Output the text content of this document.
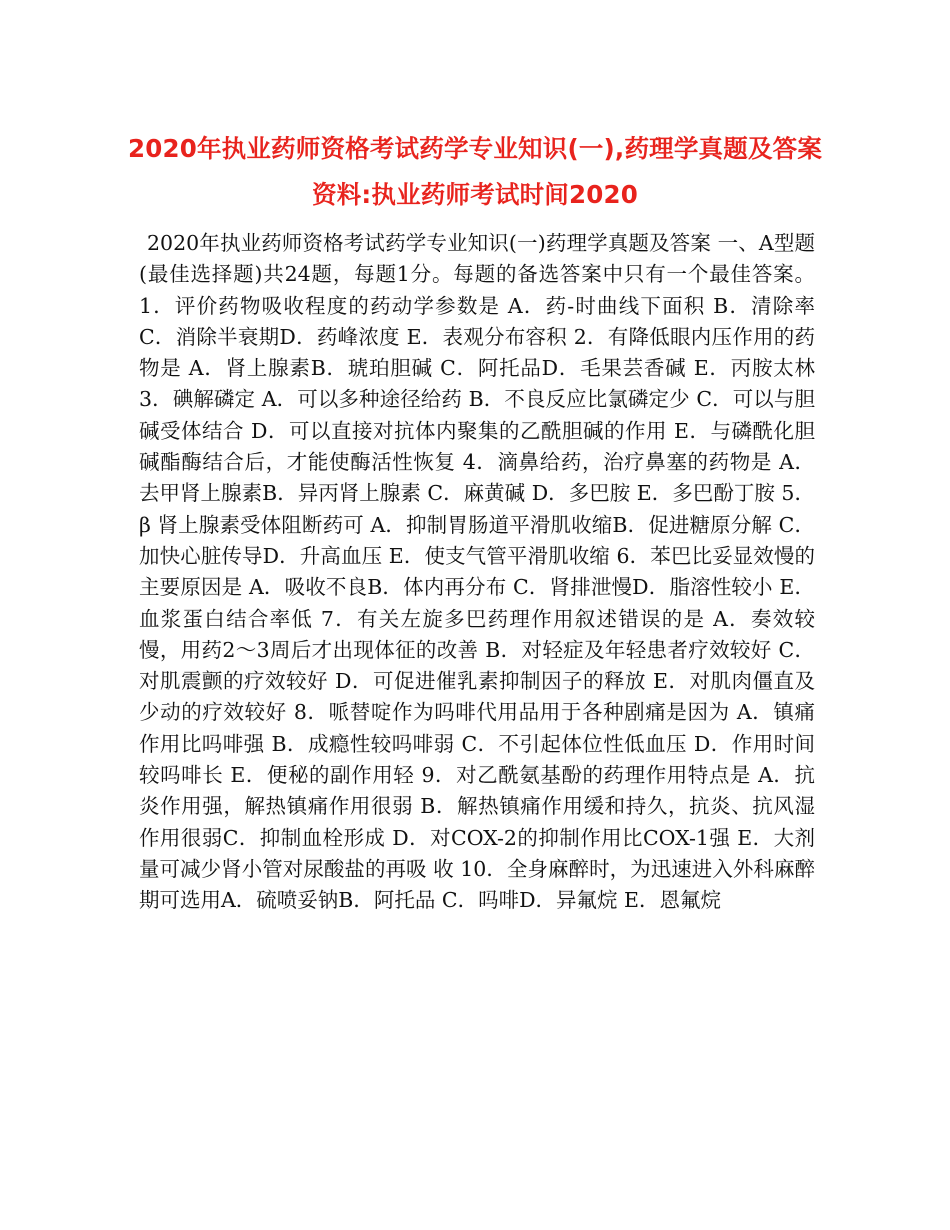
2020年执业药师资格考试药学专业知识(一),药理学真题及答案资料:执业药师考试时间2020

2020年执业药师资格考试药学专业知识(一)药理学真题及答案 一、A型题(最佳选择题)共24题，每题1分。每题的备选答案中只有一个最佳答案。1．评价药物吸收程度的药动学参数是 A．药-时曲线下面积 B．清除率 C．消除半衰期D．药峰浓度 E．表观分布容积 2．有降低眼内压作用的药物是 A．肾上腺素B．琥珀胆碱 C．阿托品D．毛果芸香碱 E．丙胺太林 3．碘解磷定 A．可以多种途径给药 B．不良反应比氯磷定少 C．可以与胆碱受体结合 D．可以直接对抗体内聚集的乙酰胆碱的作用 E．与磷酰化胆碱酯酶结合后，才能使酶活性恢复 4．滴鼻给药，治疗鼻塞的药物是 A．去甲肾上腺素B．异丙肾上腺素 C．麻黄碱 D．多巴胺 E．多巴酚丁胺 5．β 肾上腺素受体阻断药可 A．抑制胃肠道平滑肌收缩B．促进糖原分解 C．加快心脏传导D．升高血压 E．使支气管平滑肌收缩 6．苯巴比妥显效慢的主要原因是 A．吸收不良B．体内再分布 C．肾排泄慢D．脂溶性较小 E．血浆蛋白结合率低 7．有关左旋多巴药理作用叙述错误的是 A．奏效较慢，用药2～3周后才出现体征的改善 B．对轻症及年轻患者疗效较好 C．对肌震颤的疗效较好 D．可促进催乳素抑制因子的释放 E．对肌肉僵直及少动的疗效较好 8．哌替啶作为吗啡代用品用于各种剧痛是因为 A．镇痛作用比吗啡强 B．成瘾性较吗啡弱 C．不引起体位性低血压 D．作用时间较吗啡长 E．便秘的副作用轻 9．对乙酰氨基酚的药理作用特点是 A．抗炎作用强，解热镇痛作用很弱 B．解热镇痛作用缓和持久，抗炎、抗风湿作用很弱C．抑制血栓形成 D．对COX-2的抑制作用比COX-1强 E．大剂量可减少肾小管对尿酸盐的再吸 收 10．全身麻醉时，为迅速进入外科麻醉期可选用A．硫喷妥钠B．阿托品 C．吗啡D．异氟烷 E．恩氟烷
